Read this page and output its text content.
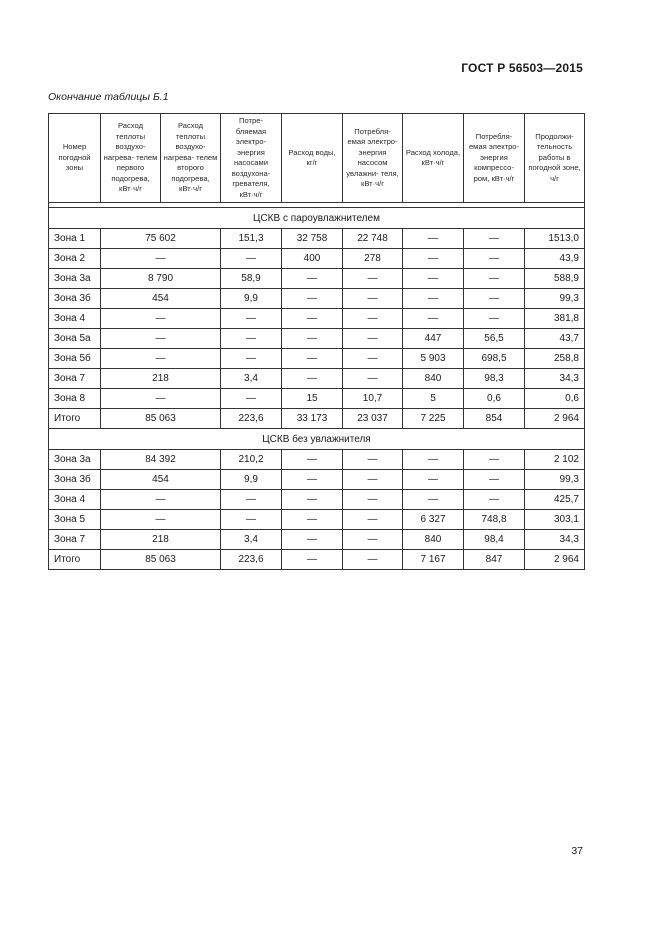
ГОСТ Р 56503—2015
Окончание таблицы Б.1
Номер погодной зоны	Расход теплоты воздухо- нагрева- телем первого подогрева, кВт·ч/г	Расход теплоты воздухо- нагрева- телем второго подогрева, кВт·ч/г	Потре- бляемая электро- энергия насосами воздухона- гревателя, кВт·ч/г	Расход воды, кг/г	Потребля- емая электро- энергия насосом увлажни- теля, кВт·ч/г	Расход холода, кВт·ч/г	Потребля- емая электро- энергия компрессо- ром, кВт·ч/г	Продолжи- тельность работы в погодной зоне, ч/г

ЦСКВ с пароувлажнителем								
Зона 1	75 602		151,3	32 758	22 748	—	—	1513,0
Зона 2	—		—	400	278	—	—	43,9
Зона 3а	8 790		58,9	—	—	—	—	588,9
Зона 3б	454		9,9	—	—	—	—	99,3
Зона 4	—		—	—	—	—	—	381,8
Зона 5а	—		—	—	—	447	56,5	43,7
Зона 5б	—		—	—	—	5 903	698,5	258,8
Зона 7	218		3,4	—	—	840	98,3	34,3
Зона 8	—		—	15	10,7	5	0,6	0,6
Итого	85 063		223,6	33 173	23 037	7 225	854	2 964
ЦСКВ без увлажнителя								
Зона 3а	84 392		210,2	—	—	—	—	2 102
Зона 3б	454		9,9	—	—	—	—	99,3
Зона 4	—		—	—	—	—	—	425,7
Зона 5	—		—	—	—	6 327	748,8	303,1
Зона 7	218		3,4	—	—	840	98,4	34,3
Итого	85 063		223,6	—	—	7 167	847	2 964
37
